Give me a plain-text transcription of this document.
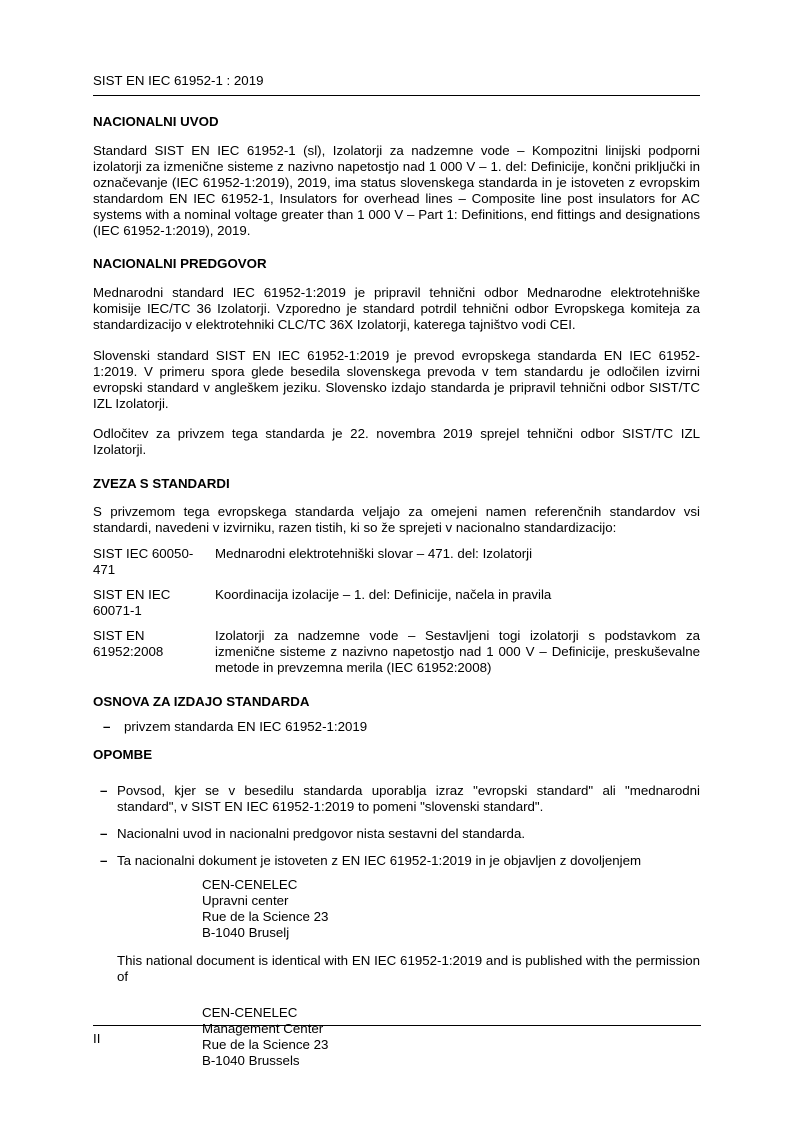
SIST EN IEC 61952-1 : 2019
NACIONALNI UVOD

Standard SIST EN IEC 61952-1 (sl), Izolatorji za nadzemne vode – Kompozitni linijski podporni izolatorji za izmenične sisteme z nazivno napetostjo nad 1 000 V – 1. del: Definicije, končni priključki in označevanje (IEC 61952-1:2019), 2019, ima status slovenskega standarda in je istoveten z evropskim standardom EN IEC 61952-1, Insulators for overhead lines – Composite line post insulators for AC systems with a nominal voltage greater than 1 000 V – Part 1: Definitions, end fittings and designations (IEC 61952-1:2019), 2019.

NACIONALNI PREDGOVOR

Mednarodni standard IEC 61952-1:2019 je pripravil tehnični odbor Mednarodne elektrotehniške komisije IEC/TC 36 Izolatorji. Vzporedno je standard potrdil tehnični odbor Evropskega komiteja za standardizacijo v elektrotehniki CLC/TC 36X Izolatorji, katerega tajništvo vodi CEI.

Slovenski standard SIST EN IEC 61952-1:2019 je prevod evropskega standarda EN IEC 61952-1:2019. V primeru spora glede besedila slovenskega prevoda v tem standardu je odločilen izvirni evropski standard v angleškem jeziku. Slovensko izdajo standarda je pripravil tehnični odbor SIST/TC IZL Izolatorji.

Odločitev za privzem tega standarda je 22. novembra 2019 sprejel tehnični odbor SIST/TC IZL Izolatorji.

ZVEZA S STANDARDI

S privzemom tega evropskega standarda veljajo za omejeni namen referenčnih standardov vsi standardi, navedeni v izvirniku, razen tistih, ki so že sprejeti v nacionalno standardizacijo:

SIST IEC 60050-471
Mednarodni elektrotehniški slovar – 471. del: Izolatorji
SIST EN IEC 60071-1
Koordinacija izolacije – 1. del: Definicije, načela in pravila
SIST EN 61952:2008
Izolatorji za nadzemne vode – Sestavljeni togi izolatorji s podstavkom za izmenične sisteme z nazivno napetostjo nad 1 000 V – Definicije, preskuševalne metode in prevzemna merila (IEC 61952:2008)
OSNOVA ZA IZDAJO STANDARDA
–	privzem standarda EN IEC 61952-1:2019
OPOMBE
– Povsod, kjer se v besedilu standarda uporablja izraz "evropski standard" ali "mednarodni standard", v SIST EN IEC 61952-1:2019 to pomeni "slovenski standard".
– Nacionalni uvod in nacionalni predgovor nista sestavni del standarda.
– Ta nacionalni dokument je istoveten z EN IEC 61952-1:2019 in je objavljen z dovoljenjem
CEN-CENELEC
Upravni center
Rue de la Science 23
B-1040 Bruselj

This national document is identical with EN IEC 61952-1:2019 and is published with the permission of

CEN-CENELEC
Management Center
Rue de la Science 23
B-1040 Brussels
II
